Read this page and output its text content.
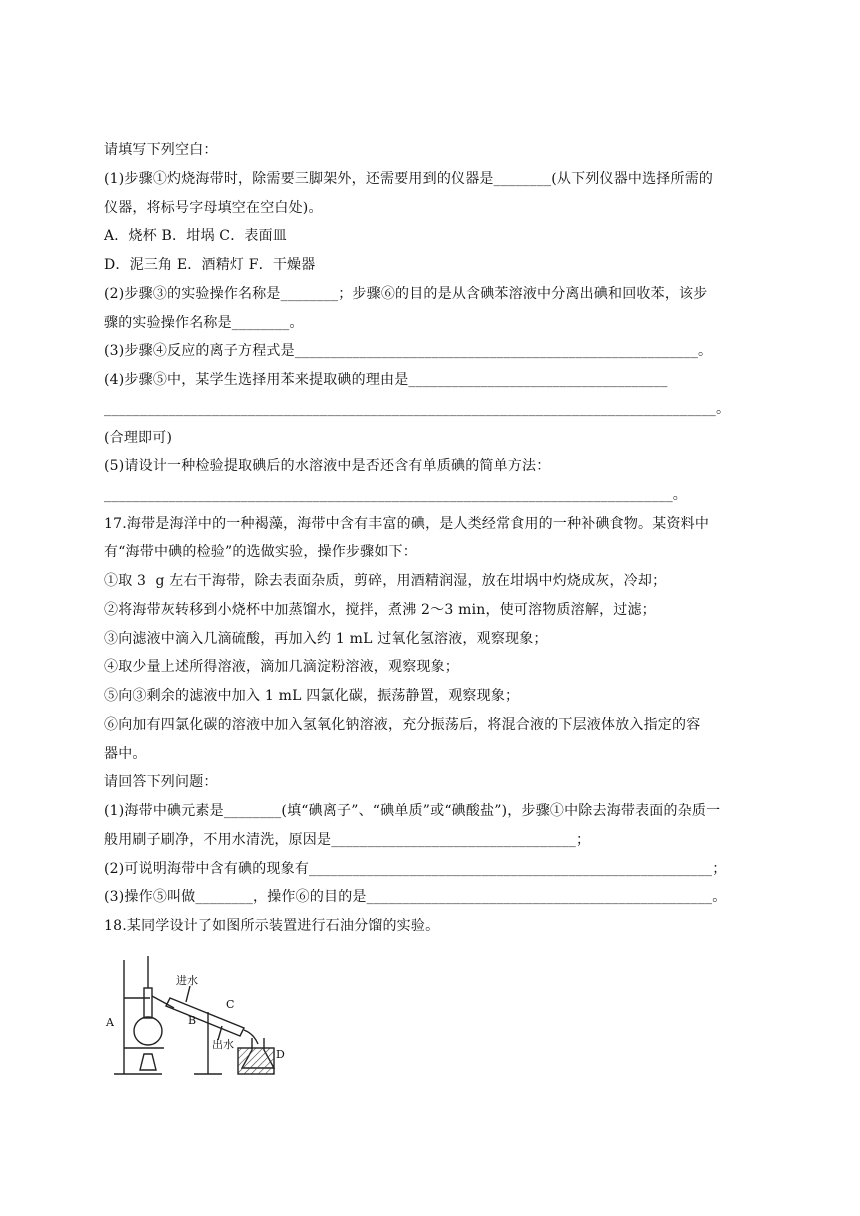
请填写下列空白：
(1)步骤①灼烧海带时，除需要三脚架外，还需要用到的仪器是________(从下列仪器中选择所需的
仪器，将标号字母填空在空白处)。
A．烧杯 B．坩埚 C．表面皿
D．泥三角 E．酒精灯 F．干燥器
(2)步骤③的实验操作名称是________；步骤⑥的目的是从含碘苯溶液中分离出碘和回收苯，该步
骤的实验操作名称是________。
(3)步骤④反应的离子方程式是________________________________________________________。
(4)步骤⑤中，某学生选择用苯来提取碘的理由是____________________________________
_____________________________________________________________________________________。
(合理即可)
(5)请设计一种检验提取碘后的水溶液中是否还含有单质碘的简单方法：
_______________________________________________________________________________。
17.海带是海洋中的一种褐藻，海带中含有丰富的碘，是人类经常食用的一种补碘食物。某资料中
有“海带中碘的检验”的选做实验，操作步骤如下：
①取 3  g 左右干海带，除去表面杂质，剪碎，用酒精润湿，放在坩埚中灼烧成灰，冷却；
②将海带灰转移到小烧杯中加蒸馏水，搅拌，煮沸 2～3 min，使可溶物质溶解，过滤；
③向滤液中滴入几滴硫酸，再加入约 1 mL 过氧化氢溶液，观察现象；
④取少量上述所得溶液，滴加几滴淀粉溶液，观察现象；
⑤向③剩余的滤液中加入 1 mL 四氯化碳，振荡静置，观察现象；
⑥向加有四氯化碳的溶液中加入氢氧化钠溶液，充分振荡后，将混合液的下层液体放入指定的容
器中。
请回答下列问题：
(1)海带中碘元素是________(填“碘离子”、“碘单质”或“碘酸盐”)，步骤①中除去海带表面的杂质一
般用刷子刷净，不用水清洗，原因是__________________________________；
(2)可说明海带中含有碘的现象有________________________________________________________；
(3)操作⑤叫做________，操作⑥的目的是________________________________________________。
18.某同学设计了如图所示装置进行石油分馏的实验。
进水
出水
A	B
C
D
